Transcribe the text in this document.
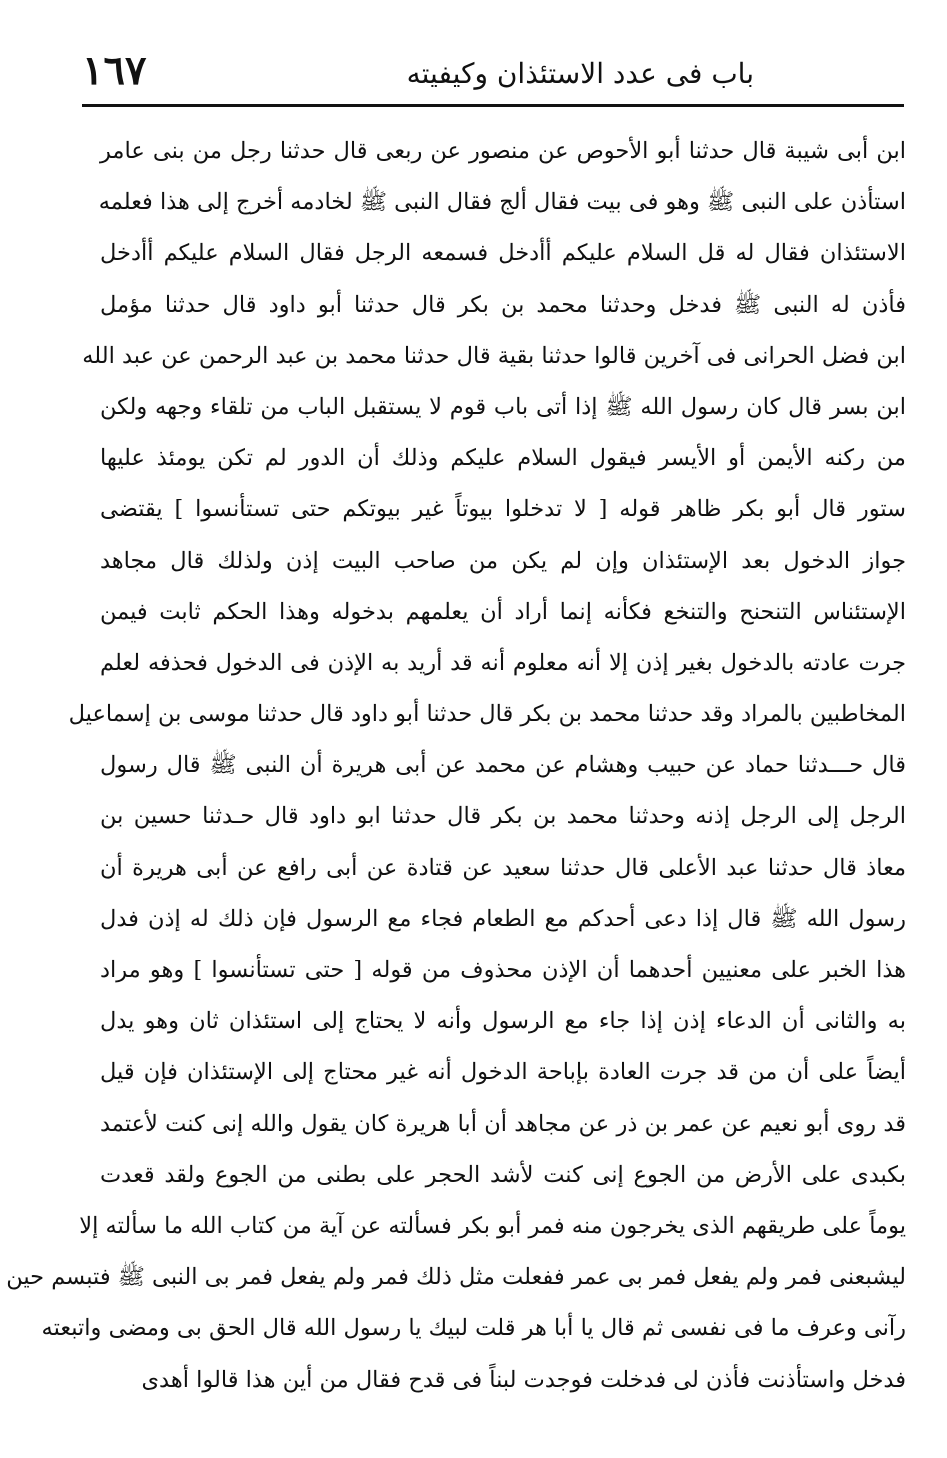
١٦٧	باب فى عدد الاستئذان وكيفيته
ابن أبى شيبة قال حدثنا أبو الأحوص عن منصور عن ربعى قال حدثنا رجل من بنى عامر
استأذن على النبى ﷺ وهو فى بيت فقال ألج فقال النبى ﷺ لخادمه أخرج إلى هذا فعلمه
الاستئذان فقال له قل السلام عليكم أأدخل فسمعه الرجل فقال السلام عليكم أأدخل
فأذن له النبى ﷺ فدخل وحدثنا محمد بن بكر قال حدثنا أبو داود قال حدثنا مؤمل
ابن فضل الحرانى فى آخرين قالوا حدثنا بقية قال حدثنا محمد بن عبد الرحمن عن عبد الله
ابن بسر قال كان رسول الله ﷺ إذا أتى باب قوم لا يستقبل الباب من تلقاء وجهه ولكن
من ركنه الأيمن أو الأيسر فيقول السلام عليكم وذلك أن الدور لم تكن يومئذ عليها
ستور قال أبو بكر ظاهر قوله [ لا تدخلوا بيوتاً غير بيوتكم حتى تستأنسوا ] يقتضى
جواز الدخول بعد الإستئذان وإن لم يكن من صاحب البيت إذن ولذلك قال مجاهد
الإستئناس التنحنح والتنخع فكأنه إنما أراد أن يعلمهم بدخوله وهذا الحكم ثابت فيمن
جرت عادته بالدخول بغير إذن إلا أنه معلوم أنه قد أريد به الإذن فى الدخول فحذفه لعلم
المخاطبين بالمراد وقد حدثنا محمد بن بكر قال حدثنا أبو داود قال حدثنا موسى بن إسماعيل
قال حـــدثنا حماد عن حبيب وهشام عن محمد عن أبى هريرة أن النبى ﷺ قال رسول
الرجل إلى الرجل إذنه وحدثنا محمد بن بكر قال حدثنا ابو داود قال حـدثنا حسين بن
معاذ قال حدثنا عبد الأعلى قال حدثنا سعيد عن قتادة عن أبى رافع عن أبى هريرة أن
رسول الله ﷺ قال إذا دعى أحدكم مع الطعام فجاء مع الرسول فإن ذلك له إذن فدل
هذا الخبر على معنيين أحدهما أن الإذن محذوف من قوله [ حتى تستأنسوا ] وهو مراد
به والثانى أن الدعاء إذن إذا جاء مع الرسول وأنه لا يحتاج إلى استئذان ثان وهو يدل
أيضاً على أن من قد جرت العادة بإباحة الدخول أنه غير محتاج إلى الإستئذان فإن قيل
قد روى أبو نعيم عن عمر بن ذر عن مجاهد أن أبا هريرة كان يقول والله إنى كنت لأعتمد
بكبدى على الأرض من الجوع إنى كنت لأشد الحجر على بطنى من الجوع ولقد قعدت
يوماً على طريقهم الذى يخرجون منه فمر أبو بكر فسألته عن آية من كتاب الله ما سألته إلا
ليشبعنى فمر ولم يفعل فمر بى عمر ففعلت مثل ذلك فمر ولم يفعل فمر بى النبى ﷺ فتبسم حين
رآنى وعرف ما فى نفسى ثم قال يا أبا هر قلت لبيك يا رسول الله قال الحق بى ومضى واتبعته
فدخل واستأذنت فأذن لى فدخلت فوجدت لبناً فى قدح فقال من أين هذا قالوا أهدى
